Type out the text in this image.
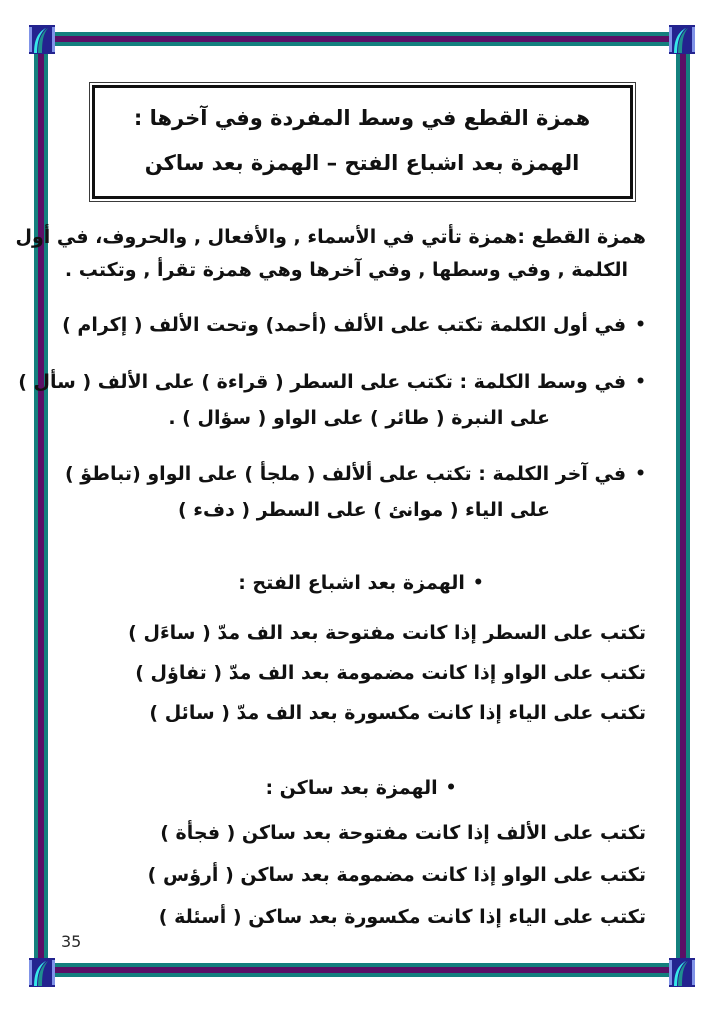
همزة القطع في وسط المفردة وفي آخرها :
الهمزة بعد اشباع الفتح – الهمزة بعد ساكن
همزة القطع :همزة تأتي في الأسماء , والأفعال , والحروف، في أول
الكلمة , وفي وسطها , وفي آخرها وهي همزة تقرأ , وتكتب .
•في أول الكلمة تكتب على الألف (أحمد) وتحت الألف ( إكرام )
•في وسط الكلمة : تكتب على السطر ( قراءة ) على الألف ( سأل )
على النبرة ( طائر ) على الواو ( سؤال ) .
•في آخر الكلمة : تكتب على ألألف ( ملجأ ) على الواو (تباطؤ )
على الياء ( موانئ ) على السطر ( دفء )
•الهمزة بعد اشباع الفتح :
تكتب على السطر إذا كانت مفتوحة بعد الف مدّ ( ساءَل )
تكتب على الواو إذا كانت مضمومة بعد الف مدّ ( تفاؤل )
تكتب على الياء إذا كانت مكسورة بعد الف مدّ ( سائل )
•الهمزة بعد ساكن :
تكتب على الألف إذا كانت مفتوحة بعد ساكن ( فجأة )
تكتب على الواو إذا كانت مضمومة بعد ساكن ( أرؤس )
تكتب على الياء إذا كانت مكسورة بعد ساكن ( أسئلة )
35
